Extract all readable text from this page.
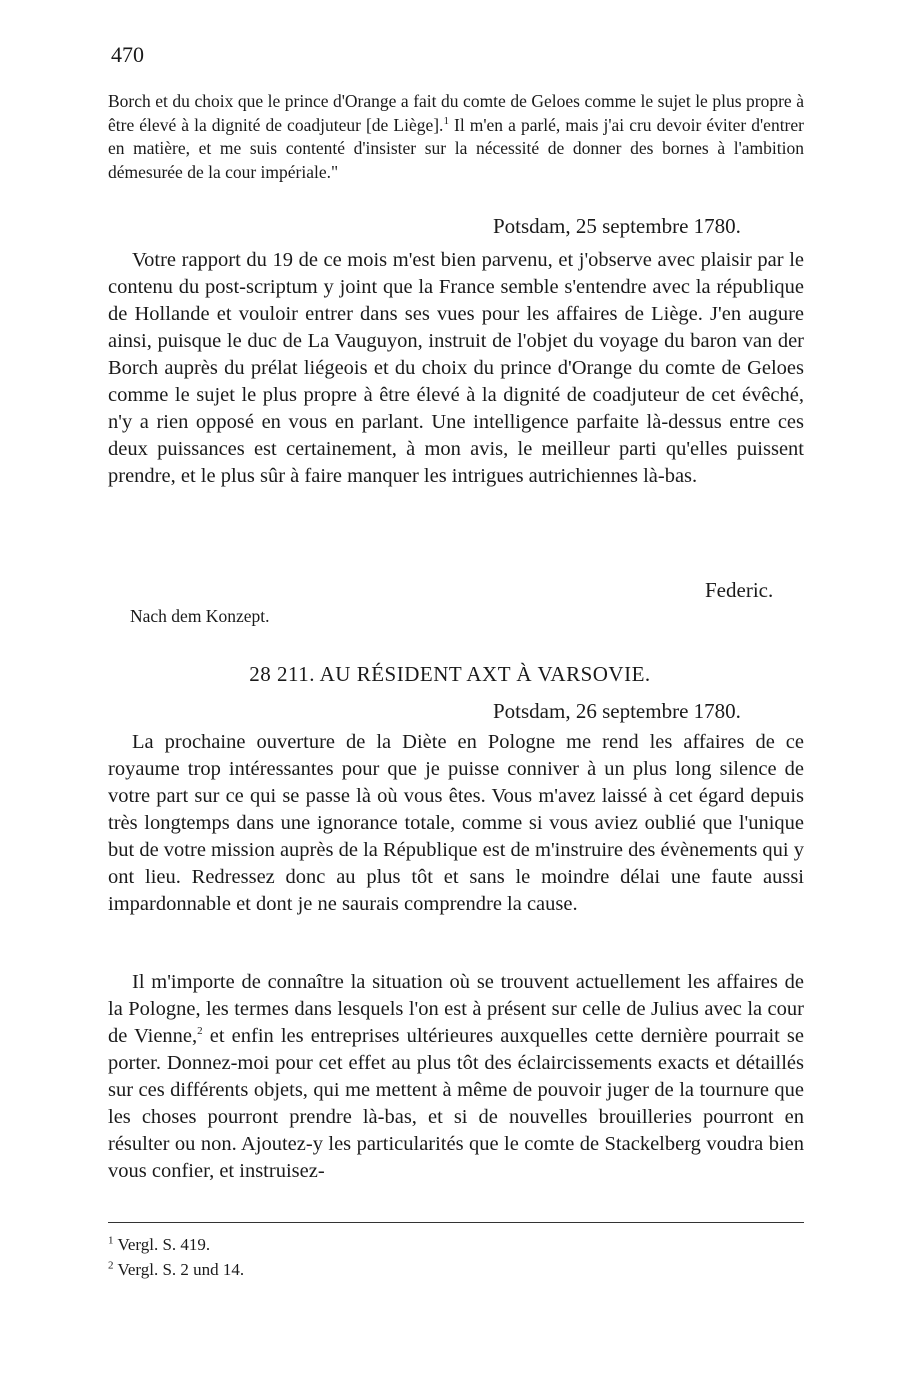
470
Borch et du choix que le prince d'Orange a fait du comte de Geloes comme le sujet le plus propre à être élevé à la dignité de coadjuteur [de Liège].$^1$ Il m'en a parlé, mais j'ai cru devoir éviter d'entrer en matière, et me suis contenté d'insister sur la nécessité de donner des bornes à l'ambition démesurée de la cour impériale."
Potsdam, 25 septembre 1780.
Votre rapport du 19 de ce mois m'est bien parvenu, et j'observe avec plaisir par le contenu du post-scriptum y joint que la France semble s'entendre avec la république de Hollande et vouloir entrer dans ses vues pour les affaires de Liège. J'en augure ainsi, puisque le duc de La Vauguyon, instruit de l'objet du voyage du baron van der Borch auprès du prélat liégeois et du choix du prince d'Orange du comte de Geloes comme le sujet le plus propre à être élevé à la dignité de coadjuteur de cet évêché, n'y a rien opposé en vous en parlant. Une intelligence parfaite là-dessus entre ces deux puissances est certainement, à mon avis, le meilleur parti qu'elles puissent prendre, et le plus sûr à faire manquer les intrigues autrichiennes là-bas.
Federic.
Nach dem Konzept.
28 211. AU RÉSIDENT AXT À VARSOVIE.
Potsdam, 26 septembre 1780.
La prochaine ouverture de la Diète en Pologne me rend les affaires de ce royaume trop intéressantes pour que je puisse conniver à un plus long silence de votre part sur ce qui se passe là où vous êtes. Vous m'avez laissé à cet égard depuis très longtemps dans une ignorance totale, comme si vous aviez oublié que l'unique but de votre mission auprès de la République est de m'instruire des évènements qui y ont lieu. Redressez donc au plus tôt et sans le moindre délai une faute aussi impardonnable et dont je ne saurais comprendre la cause.
Il m'importe de connaître la situation où se trouvent actuellement les affaires de la Pologne, les termes dans lesquels l'on est à présent sur celle de Julius avec la cour de Vienne,$^2$ et enfin les entreprises ultérieures auxquelles cette dernière pourrait se porter. Donnez-moi pour cet effet au plus tôt des éclaircissements exacts et détaillés sur ces différents objets, qui me mettent à même de pouvoir juger de la tournure que les choses pourront prendre là-bas, et si de nouvelles brouilleries pourront en résulter ou non. Ajoutez-y les particularités que le comte de Stackelberg voudra bien vous confier, et instruisez-
$^1$ Vergl. S. 419.
$^2$ Vergl. S. 2 und 14.
